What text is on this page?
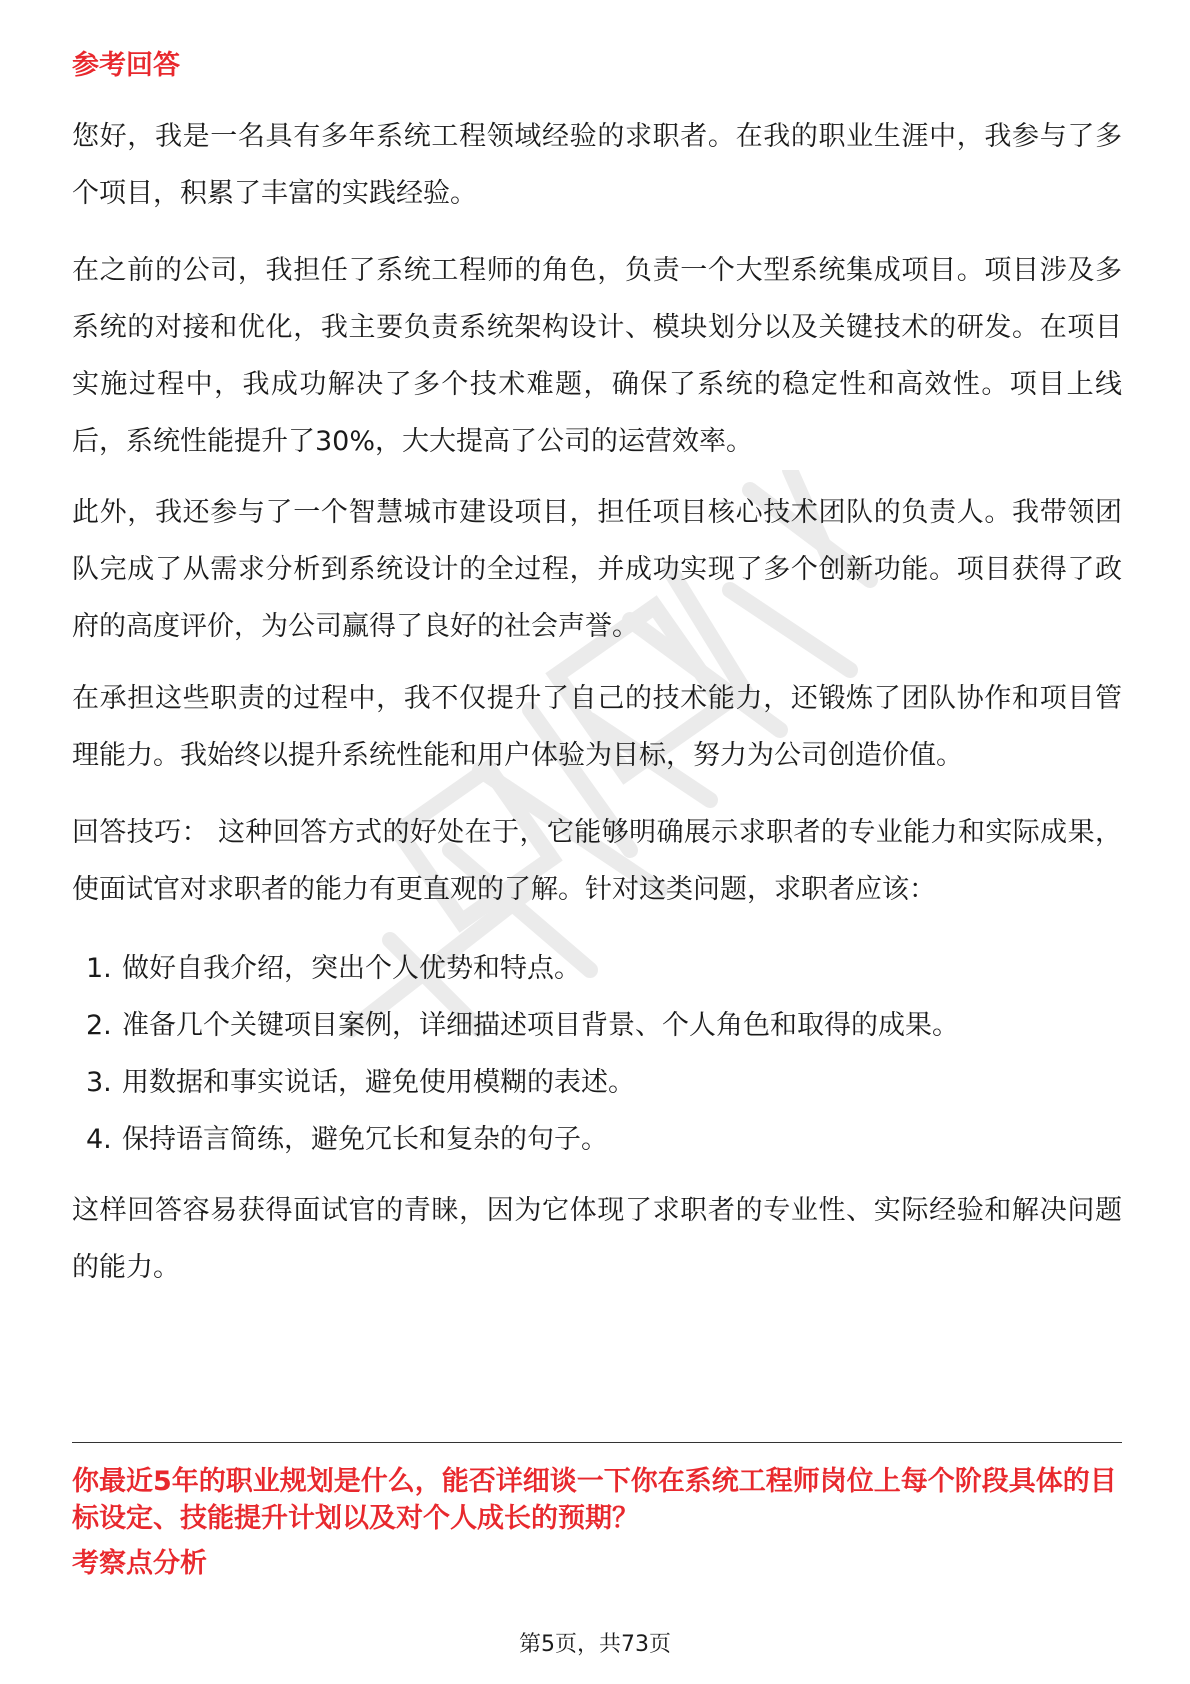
参考回答
您好，我是一名具有多年系统工程领域经验的求职者。在我的职业生涯中，我参与了多个项目，积累了丰富的实践经验。
在之前的公司，我担任了系统工程师的角色，负责一个大型系统集成项目。项目涉及多系统的对接和优化，我主要负责系统架构设计、模块划分以及关键技术的研发。在项目实施过程中，我成功解决了多个技术难题，确保了系统的稳定性和高效性。项目上线后，系统性能提升了30%，大大提高了公司的运营效率。
此外，我还参与了一个智慧城市建设项目，担任项目核心技术团队的负责人。我带领团队完成了从需求分析到系统设计的全过程，并成功实现了多个创新功能。项目获得了政府的高度评价，为公司赢得了良好的社会声誉。
在承担这些职责的过程中，我不仅提升了自己的技术能力，还锻炼了团队协作和项目管理能力。我始终以提升系统性能和用户体验为目标，努力为公司创造价值。
回答技巧： 这种回答方式的好处在于，它能够明确展示求职者的专业能力和实际成果，使面试官对求职者的能力有更直观的了解。针对这类问题，求职者应该：
1. 做好自我介绍，突出个人优势和特点。
2. 准备几个关键项目案例，详细描述项目背景、个人角色和取得的成果。
3. 用数据和事实说话，避免使用模糊的表述。
4. 保持语言简练，避免冗长和复杂的句子。
这样回答容易获得面试官的青睐，因为它体现了求职者的专业性、实际经验和解决问题的能力。
你最近5年的职业规划是什么，能否详细谈一下你在系统工程师岗位上每个阶段具体的目标设定、技能提升计划以及对个人成长的预期？
考察点分析
第5页，共73页
